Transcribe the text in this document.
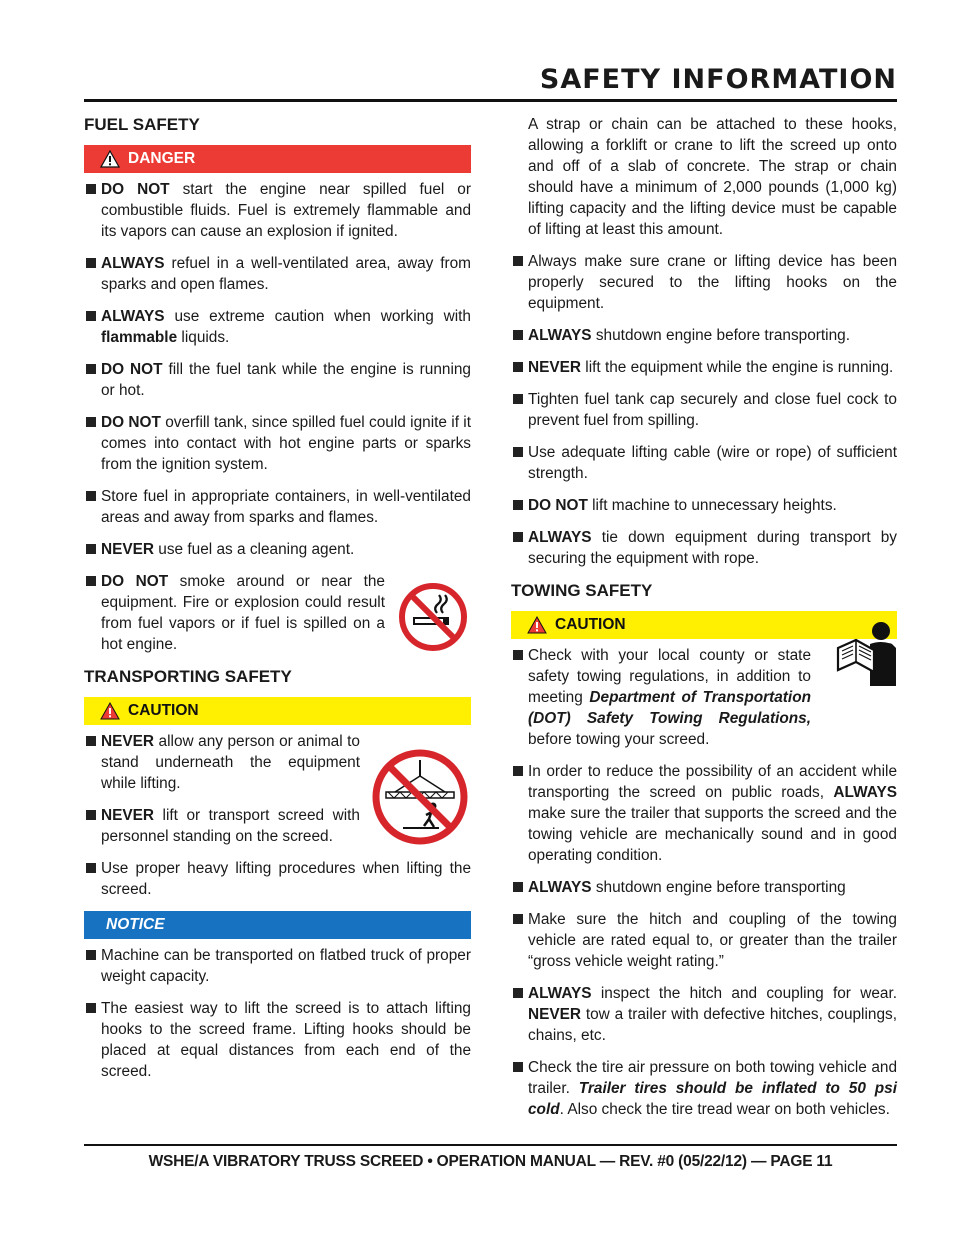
SAFETY INFORMATION
FUEL SAFETY
DANGER
DO NOT start the engine near spilled fuel or combustible fluids. Fuel is extremely flammable and its vapors can cause an explosion if ignited.
ALWAYS refuel in a well-ventilated area, away from sparks and open flames.
ALWAYS use extreme caution when working with flammable liquids.
DO NOT fill the fuel tank while the engine is running or hot.
DO NOT overfill tank, since spilled fuel could ignite if it comes into contact with hot engine parts or sparks from the ignition system.
Store fuel in appropriate containers, in well-ventilated areas and away from sparks and flames.
NEVER use fuel as a cleaning agent.
DO NOT smoke around or near the equipment. Fire or explosion could result from fuel vapors or if fuel is spilled on a hot engine.
TRANSPORTING SAFETY
CAUTION
NEVER allow any person or animal to stand underneath the equipment while lifting.
NEVER lift or transport screed with personnel standing on the screed.
Use proper heavy lifting procedures when lifting the screed.
NOTICE
Machine can be transported on flatbed truck of proper weight capacity.
The easiest way to lift the screed is to attach lifting hooks to the screed frame. Lifting hooks should be placed at equal distances from each end of the screed.
A strap or chain can be attached to these hooks, allowing a forklift or crane to lift the screed up onto and off of a slab of concrete. The strap or chain should have a minimum of 2,000 pounds (1,000 kg) lifting capacity and the lifting device must be capable of lifting at least this amount.
Always make sure crane or lifting device has been properly secured to the lifting hooks on the equipment.
ALWAYS shutdown engine before transporting.
NEVER lift the equipment while the engine is running.
Tighten fuel tank cap securely and close fuel cock to prevent fuel from spilling.
Use adequate lifting cable (wire or rope) of sufficient strength.
DO NOT lift machine to unnecessary heights.
ALWAYS tie down equipment during transport by securing the equipment with rope.
TOWING SAFETY
CAUTION
Check with your local county or state safety towing regulations, in addition to meeting Department of Transportation (DOT) Safety Towing Regulations, before towing your screed.
In order to reduce the possibility of an accident while transporting the screed on public roads, ALWAYS make sure the trailer that supports the screed and the towing vehicle are mechanically sound and in good operating condition.
ALWAYS shutdown engine before transporting
Make sure the hitch and coupling of the towing vehicle are rated equal to, or greater than the trailer “gross vehicle weight rating.”
ALWAYS inspect the hitch and coupling for wear. NEVER tow a trailer with defective hitches, couplings, chains, etc.
Check the tire air pressure on both towing vehicle and trailer. Trailer tires should be inflated to 50 psi cold. Also check the tire tread wear on both vehicles.
WSHE/A VIBRATORY TRUSS SCREED • OPERATION MANUAL — REV. #0 (05/22/12) — PAGE 11
